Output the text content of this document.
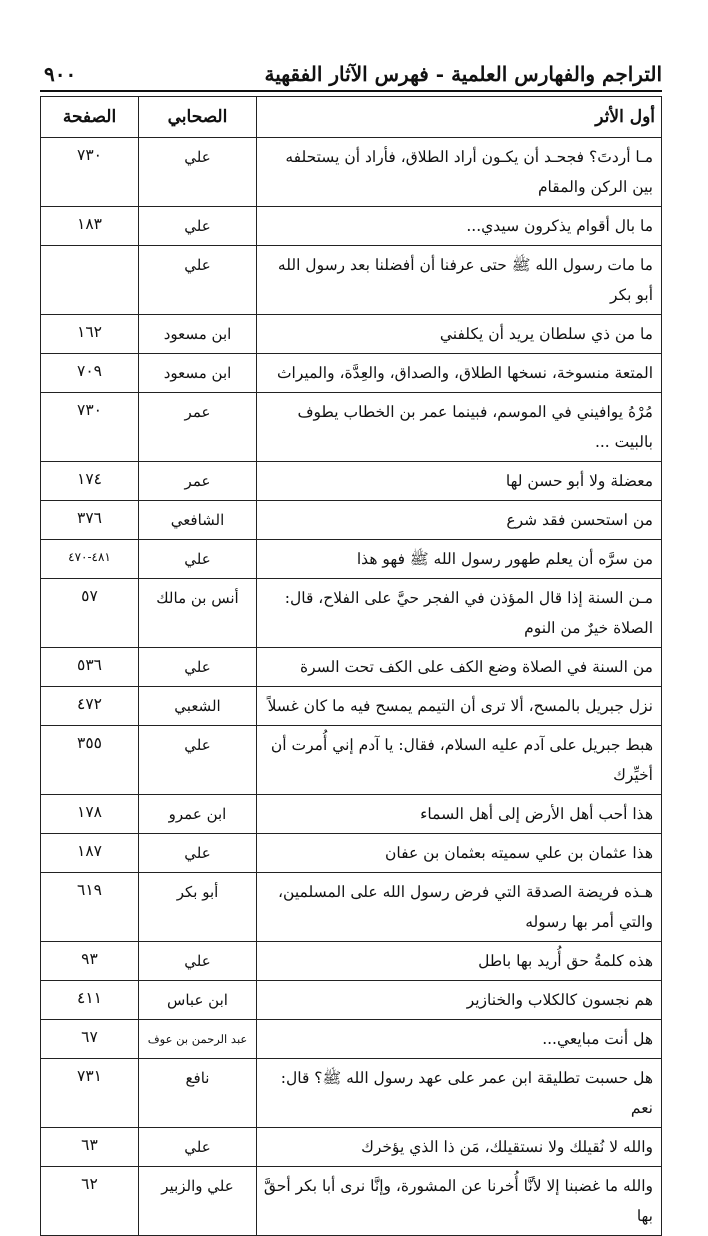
التراجم والفهارس العلمية - فهرس الآثار الفقهية
٩٠٠
أول الأثر	الصحابي	الصفحة
مـا أردتَ؟ فجحـد أن يكـون أراد الطلاق، فأراد أن يستحلفه بين الركن والمقام	علي	٧٣٠
ما بال أقوام يذكرون سيدي...	علي	١٨٣
ما مات رسول الله ﷺ حتى عرفنا أن أفضلنا بعد رسول الله أبو بكر	علي	
ما من ذي سلطان يريد أن يكلفني	ابن مسعود	١٦٢
المتعة منسوخة، نسخها الطلاق، والصداق، والعِدَّة، والميراث	ابن مسعود	٧٠٩
مُرْهُ يوافيني في الموسم، فبينما عمر بن الخطاب يطوف بالبيت ...	عمر	٧٣٠
معضلة ولا أبو حسن لها	عمر	١٧٤
من استحسن فقد شرع	الشافعي	٣٧٦
من سرَّه أن يعلم طهور رسول الله ﷺ فهو هذا	علي	٤٨١-٤٧٠
مـن السنة إذا قال المؤذن في الفجر حيَّ على الفلاح، قال: الصلاة خيرٌ من النوم	أنس بن مالك	٥٧
من السنة في الصلاة وضع الكف على الكف تحت السرة	علي	٥٣٦
نزل جبريل بالمسح، ألا ترى أن التيمم يمسح فيه ما كان غسلاً	الشعبي	٤٧٢
هبط جبريل على آدم عليه السلام، فقال: يا آدم إني أُمرت أن أخيِّرك	علي	٣٥٥
هذا أحب أهل الأرض إلى أهل السماء	ابن عمرو	١٧٨
هذا عثمان بن علي سميته بعثمان بن عفان	علي	١٨٧
هـذه فريضة الصدقة التي فرض رسول الله على المسلمين، والتي أمر بها رسوله	أبو بكر	٦١٩
هذه كلمةُ حق أُريد بها باطل	علي	٩٣
هم نجسون كالكلاب والخنازير	ابن عباس	٤١١
هل أنت مبايعي...	عبد الرحمن بن عوف	٦٧
هل حسبت تطليقة ابن عمر على عهد رسول الله ﷺ؟ قال: نعم	نافع	٧٣١
والله لا نُقيلك ولا نستقيلك، مَن ذا الذي يؤخرك	علي	٦٣
والله ما غضبنا إلا لأنَّا أُخرنا عن المشورة، وإنَّا نرى أبا بكر أحقَّ بها	علي والزبير	٦٢
